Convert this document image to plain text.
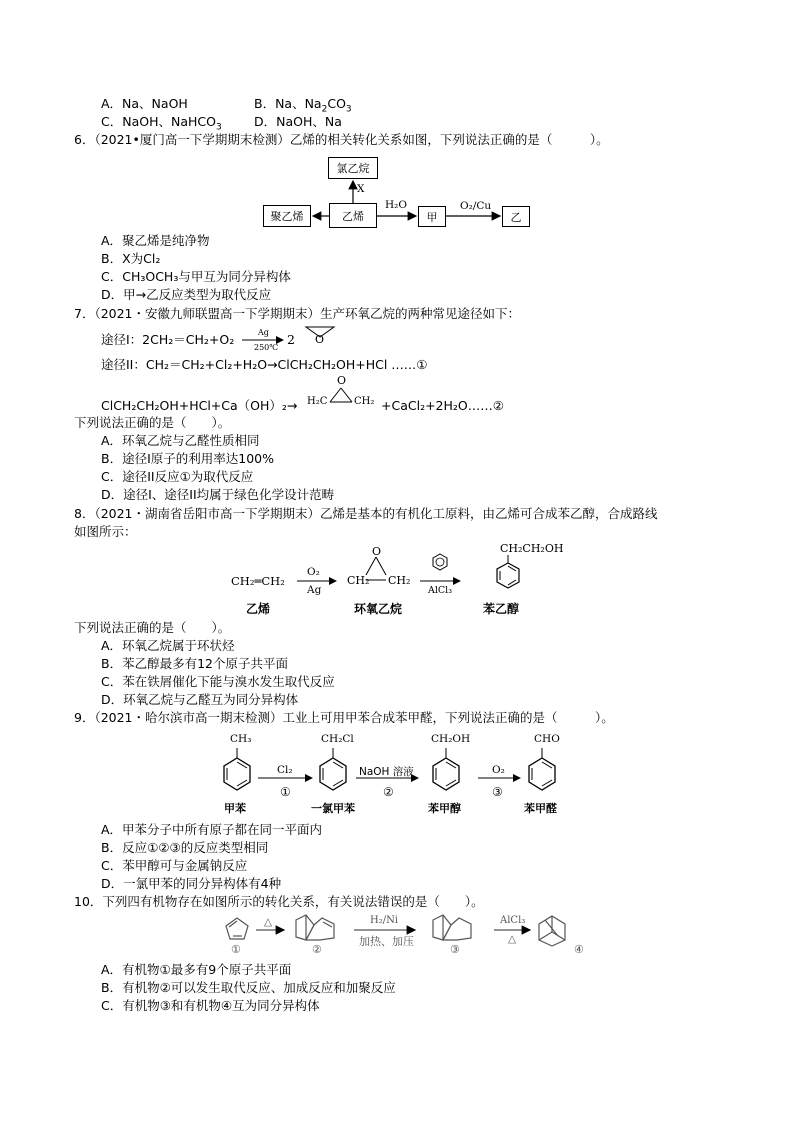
A．Na、NaOH	B．Na、$Na_2CO_3$
C．NaOH、NaHCO$_3$	D．NaOH、Na
6．（2021•厦门高一下学期期末检测）乙烯的相关转化关系如图，下列说法正确的是（　　　）。
氯乙烷
聚乙烯	乙烯	甲	乙
X
H₂O	O₂/Cu
A．聚乙烯是纯净物
B．X为Cl₂
C．CH₃OCH₃与甲互为同分异构体
D．甲→乙反应类型为取代反应
7．（2021・安徽九师联盟高一下学期期末）生产环氧乙烷的两种常见途径如下：
途径I：2CH₂＝CH₂+O₂	Ag
250℃
2 O
途径II：CH₂＝CH₂+Cl₂+H₂O→ClCH₂CH₂OH+HCl ……①
ClCH₂CH₂OH+HCl+Ca（OH）₂→
O
H₂C	CH₂ +CaCl₂+2H₂O……②
下列说法正确的是（　　）。
A．环氧乙烷与乙醛性质相同
B．途径I原子的利用率达100%
C．途径II反应①为取代反应
D．途径I、途径II均属于绿色化学设计范畴
8．（2021・湖南省岳阳市高一下学期期末）乙烯是基本的有机化工原料，由乙烯可合成苯乙醇，合成路线
如图所示：
CH₂═CH₂
O₂
Ag
O
CH₂ CH₂
AlCl₃
CH₂CH₂OH
乙烯	环氧乙烷	苯乙醇
下列说法正确的是（　　）。
A．环氧乙烷属于环状烃
B．苯乙醇最多有12个原子共平面
C．苯在铁屑催化下能与溴水发生取代反应
D．环氧乙烷与乙醛互为同分异构体
9．（2021・哈尔滨市高一期末检测）工业上可用甲苯合成苯甲醛，下列说法正确的是（　　　）。
CH₃	CH₂Cl	CH₂OH	CHO
Cl₂	NaOH 溶液	O₂
①	②	③
甲苯	一氯甲苯	苯甲醇	苯甲醛
A．甲苯分子中所有原子都在同一平面内
B．反应①②③的反应类型相同
C．苯甲醇可与金属钠反应
D．一氯甲苯的同分异构体有4种
10．下列四有机物存在如图所示的转化关系，有关说法错误的是（　　）。
△	H₂/Ni
加热、加压
AlCl₃
△
①	②	③	④
A．有机物①最多有9个原子共平面
B．有机物②可以发生取代反应、加成反应和加聚反应
C．有机物③和有机物④互为同分异构体
